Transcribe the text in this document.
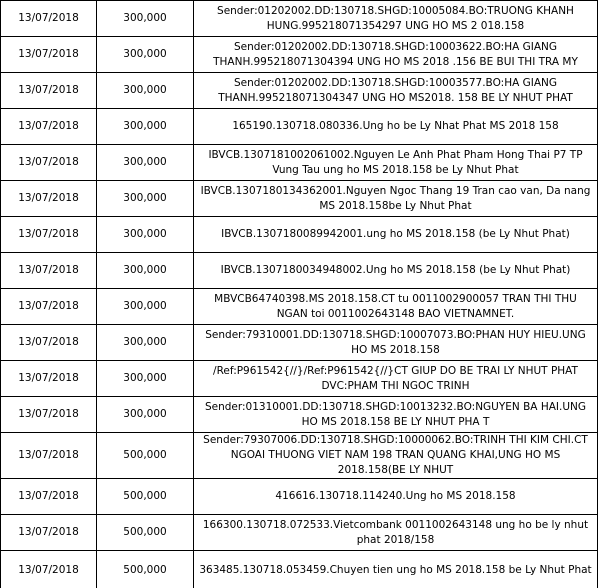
13/07/2018	300,000	Sender:01202002.DD:130718.SHGD:10005084.BO:TRUONG KHANH HUNG.995218071354297 UNG HO MS 2 018.158
13/07/2018	300,000	Sender:01202002.DD:130718.SHGD:10003622.BO:HA GIANG THANH.995218071304394 UNG HO MS 2018 .156 BE BUI THI TRA MY
13/07/2018	300,000	Sender:01202002.DD:130718.SHGD:10003577.BO:HA GIANG THANH.995218071304347 UNG HO MS2018. 158 BE LY NHUT PHAT
13/07/2018	300,000	165190.130718.080336.Ung ho be Ly Nhat Phat MS 2018 158
13/07/2018	300,000	IBVCB.1307181002061002.Nguyen Le Anh Phat Pham Hong Thai P7 TP Vung Tau ung ho MS 2018.158 be Ly Nhut Phat
13/07/2018	300,000	IBVCB.1307180134362001.Nguyen Ngoc Thang 19 Tran cao van, Da nang MS 2018.158be Ly Nhut Phat
13/07/2018	300,000	IBVCB.1307180089942001.ung ho MS 2018.158 (be Ly Nhut Phat)
13/07/2018	300,000	IBVCB.1307180034948002.Ung ho MS 2018.158 (be Ly Nhut Phat)
13/07/2018	300,000	MBVCB64740398.MS 2018.158.CT tu 0011002900057 TRAN THI THU NGAN toi 0011002643148 BAO VIETNAMNET.
13/07/2018	300,000	Sender:79310001.DD:130718.SHGD:10007073.BO:PHAN HUY HIEU.UNG HO MS 2018.158
13/07/2018	300,000	/Ref:P961542{//}/Ref:P961542{//}CT GIUP DO BE TRAI LY NHUT PHAT DVC:PHAM THI NGOC TRINH
13/07/2018	300,000	Sender:01310001.DD:130718.SHGD:10013232.BO:NGUYEN BA HAI.UNG HO MS 2018.158 BE LY NHUT PHA T
13/07/2018	500,000	Sender:79307006.DD:130718.SHGD:10000062.BO:TRINH THI KIM CHI.CT NGOAI THUONG VIET NAM 198 TRAN QUANG KHAI,UNG HO MS 2018.158(BE LY NHUT
13/07/2018	500,000	416616.130718.114240.Ung ho MS 2018.158
13/07/2018	500,000	166300.130718.072533.Vietcombank 0011002643148 ung ho be ly nhut phat 2018/158
13/07/2018	500,000	363485.130718.053459.Chuyen tien ung ho MS 2018.158 be Ly Nhut Phat
